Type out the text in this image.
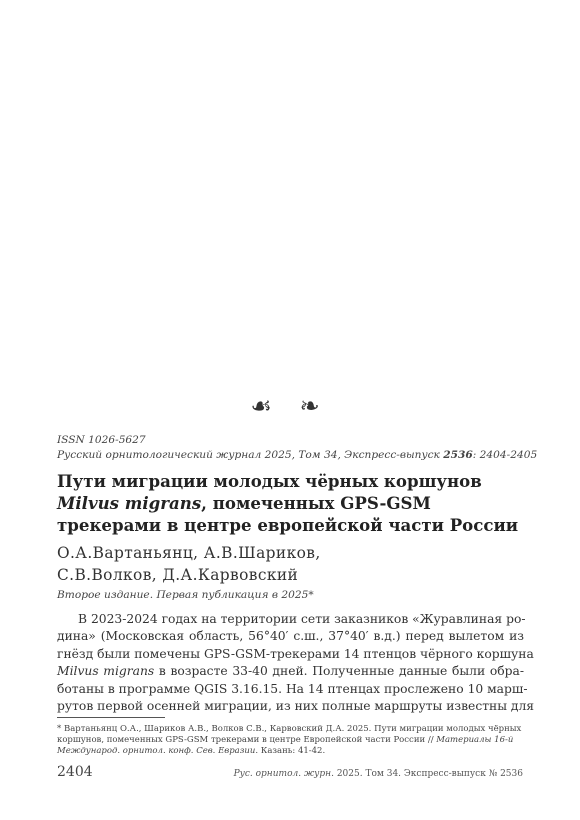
☙ ❧
ISSN 1026-5627
Русский орнитологический журнал 2025, Том 34, Экспресс-выпуск 2536: 2404-2405
Пути миграции молодых чёрных коршунов
Milvus migrans, помеченных GPS-GSM
трекерами в центре европейской части России
О.А.Вартаньянц, А.В.Шариков,
С.В.Волков, Д.А.Карвовский
Второе издание. Первая публикация в 2025*
В 2023-2024 годах на территории сети заказников «Журавлиная ро-
дина» (Московская область, 56°40′ с.ш., 37°40′ в.д.) перед вылетом из
гнёзд были помечены GPS-GSM-трекерами 14 птенцов чёрного коршуна
Milvus migrans в возрасте 33-40 дней. Полученные данные были обра-
ботаны в программе QGIS 3.16.15. На 14 птенцах прослежено 10 марш-
рутов первой осенней миграции, из них полные маршруты известны для
* Вартаньянц О.А., Шариков А.В., Волков С.В., Карвовский Д.А. 2025. Пути миграции молодых чёрных
коршунов, помеченных GPS-GSM трекерами в центре Европейской части России // Материалы 16-й
Международ. орнитол. конф. Сев. Евразии. Казань: 41-42.
2404	Рус. орнитол. журн. 2025. Том 34. Экспресс-выпуск № 2536
